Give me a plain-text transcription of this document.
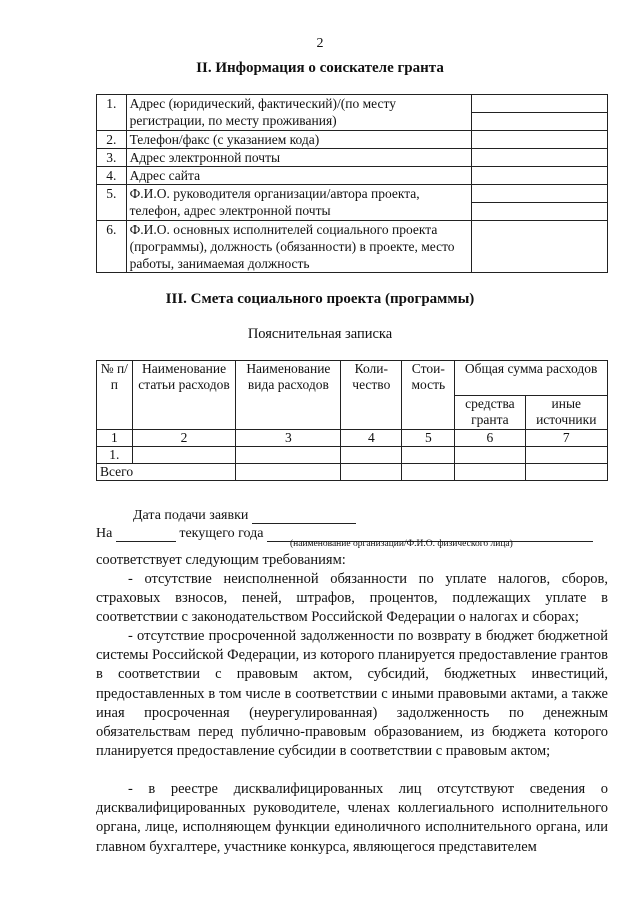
2
II. Информация о соискателе гранта
1.	Адрес (юридический, фактический)/(по месту регистрации, по месту проживания)	

2.	Телефон/факс (с указанием кода)	
3.	Адрес электронной почты	
4.	Адрес сайта	
5.	Ф.И.О. руководителя организации/автора проекта, телефон, адрес электронной почты	

6.	Ф.И.О. основных исполнителей социального проекта (программы), должность (обязанности) в проекте, место работы, занимаемая должность	
III. Смета социального проекта (программы)
Пояснительная записка
№ п/п	Наименование статьи расходов	Наименование вида расходов	Коли-чество	Стои-мость	Общая сумма расходов	
					средства гранта	иные источники
1	2	3	4	5	6	7
1.						
Всего						
Дата подачи заявки
На	текущего года
(наименование организации/Ф.И.О. физического лица)
соответствует следующим требованиям:
- отсутствие неисполненной обязанности по уплате налогов, сборов, страховых взносов, пеней, штрафов, процентов, подлежащих уплате в соответствии с законодательством Российской Федерации о налогах и сборах;
- отсутствие просроченной задолженности по возврату в бюджет бюджетной системы Российской Федерации, из которого планируется предоставление грантов в соответствии с правовым актом, субсидий, бюджетных инвестиций, предоставленных в том числе в соответствии с иными правовыми актами, а также иная просроченная (неурегулированная) задолженность по денежным обязательствам перед публично-правовым образованием, из бюджета которого планируется предоставление субсидии в соответствии с правовым актом;
- в реестре дисквалифицированных лиц отсутствуют сведения о дисквалифицированных руководителе, членах коллегиального исполнительного органа, лице, исполняющем функции единоличного исполнительного органа, или главном бухгалтере, участнике конкурса, являющегося представителем
